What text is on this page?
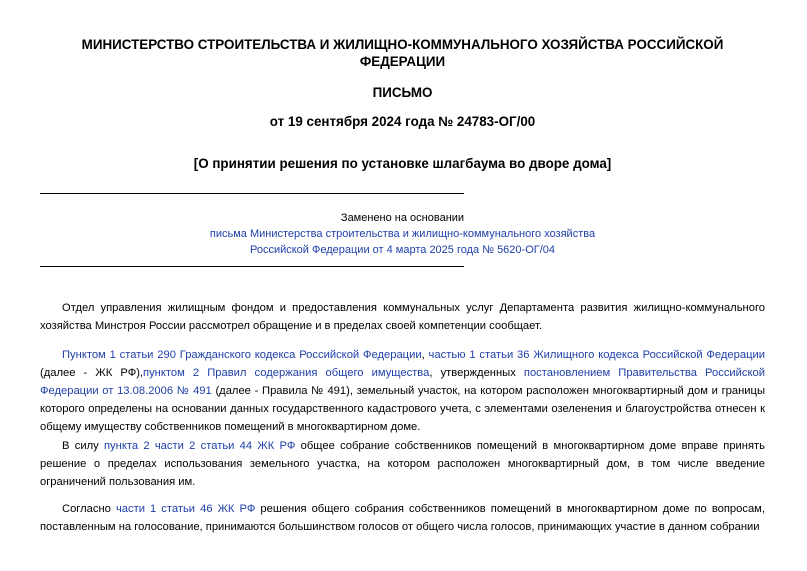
МИНИСТЕРСТВО СТРОИТЕЛЬСТВА И ЖИЛИЩНО-КОММУНАЛЬНОГО ХОЗЯЙСТВА РОССИЙСКОЙ ФЕДЕРАЦИИ
ПИСЬМО
от 19 сентября 2024 года № 24783-ОГ/00
[О принятии решения по установке шлагбаума во дворе дома]
Заменено на основании
письма Министерства строительства и жилищно-коммунального хозяйства
Российской Федерации от 4 марта 2025 года № 5620-ОГ/04

Отдел управления жилищным фондом и предоставления коммунальных услуг Департамента развития жилищно-коммунального хозяйства Минстроя России рассмотрел обращение и в пределах своей компетенции сообщает.

Пунктом 1 статьи 290 Гражданского кодекса Российской Федерации, частью 1 статьи 36 Жилищного кодекса Российской Федерации (далее - ЖК РФ),пунктом 2 Правил содержания общего имущества, утвержденных постановлением Правительства Российской Федерации от 13.08.2006 № 491 (далее - Правила № 491), земельный участок, на котором расположен многоквартирный дом и границы которого определены на основании данных государственного кадастрового учета, с элементами озеленения и благоустройства отнесен к общему имуществу собственников помещений в многоквартирном доме.

В силу пункта 2 части 2 статьи 44 ЖК РФ общее собрание собственников помещений в многоквартирном доме вправе принять решение о пределах использования земельного участка, на котором расположен многоквартирный дом, в том числе введение ограничений пользования им.

Согласно части 1 статьи 46 ЖК РФ решения общего собрания собственников помещений в многоквартирном доме по вопросам, поставленным на голосование, принимаются большинством голосов от общего числа голосов, принимающих участие в данном собрании
